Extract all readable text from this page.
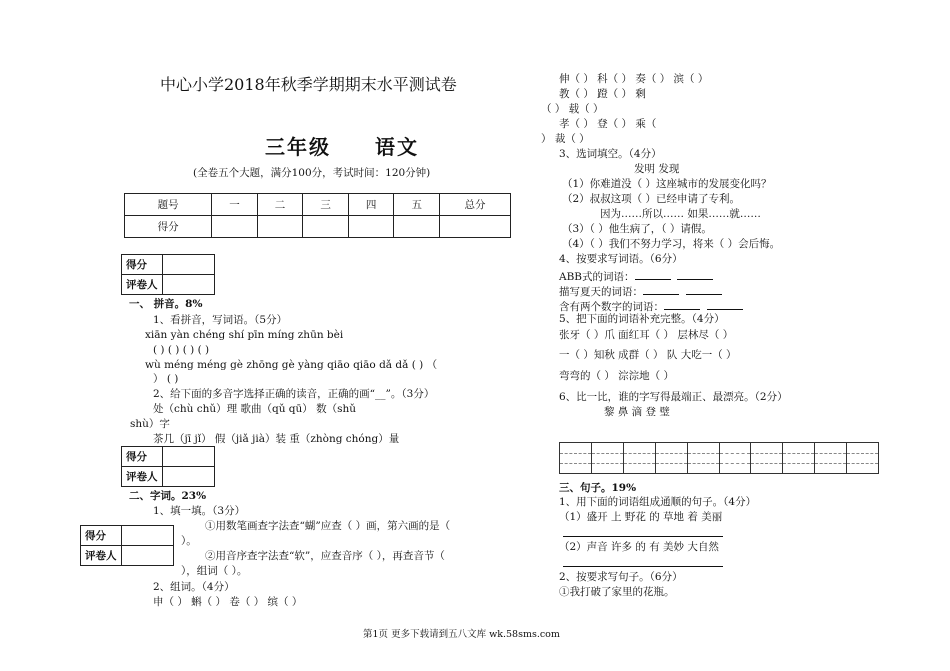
中心小学2018年秋季学期期末水平测试卷
三年级　　语文
(全卷五个大题，满分100分，考试时间：120分钟)
题号	一	二	三	四	五	总分
得分						
得分	
评卷人	
得分	
评卷人	
得分	
评卷人	
一、 拼音。8%
1、看拼音，写词语。（5分）
xiān yàn chéng shí pīn míng zhūn bèi
( ) ( ) ( ) ( )
wù méng méng gè zhōng gè yàng qiāo qiāo dǎ dǎ ( ) （
） ( )
2、给下面的多音字选择正确的读音，正确的画“__”。（3分）
处（chù chǔ）理 歌曲（qǔ qū） 数（shǔ
shù）字
茶几（jī jǐ） 假（jiǎ jià）装 重（zhòng chóng）量
二、字词。23%
1、填一填。（3分）
①用数笔画查字法查“蝴”应查（ ）画，第六画的是（
）。
②用音序查字法查“软”，应查音序（ ），再查音节（
），组词（ ）。
2、组词。（4分）
申（ ） 蝌（ ） 卷（ ） 缤（ ）
伸（ ） 科（ ） 奏（ ） 滨（ ）
教（ ） 蹬（ ） 剩
（ ） 载（ ）
孝（ ） 登（ ） 乘（
） 裁（ ）
3、选词填空。（4分）
发明 发现
（1）你难道没（ ）这座城市的发展变化吗？
（2）叔叔这项（ ）已经申请了专利。
因为……所以…… 如果……就……
（3）（ ）他生病了，（ ）请假。
（4）（ ）我们不努力学习，将来（ ）会后悔。
4、按要求写词语。（6分）
ABB式的词语：
描写夏天的词语：
含有两个数字的词语：
5、把下面的词语补充完整。（4分）
张牙（ ）爪 面红耳（ ） 层林尽（ ）
一（ ）知秋 成群（ ） 队 大吃一（ ）
弯弯的（ ） 淙淙地（ ）
6、比一比，谁的字写得最端正、最漂亮。（2分）
黎 鼻 滴 登 璧
三、句子。19%
1、用下面的词语组成通顺的句子。（4分）
（1）盛开 上 野花 的 草地 着 美丽
（2）声音 许多 的 有 美妙 大自然
2、按要求写句子。（6分）
①我打破了家里的花瓶。
第1页 更多下载请到五八文库 wk.58sms.com
